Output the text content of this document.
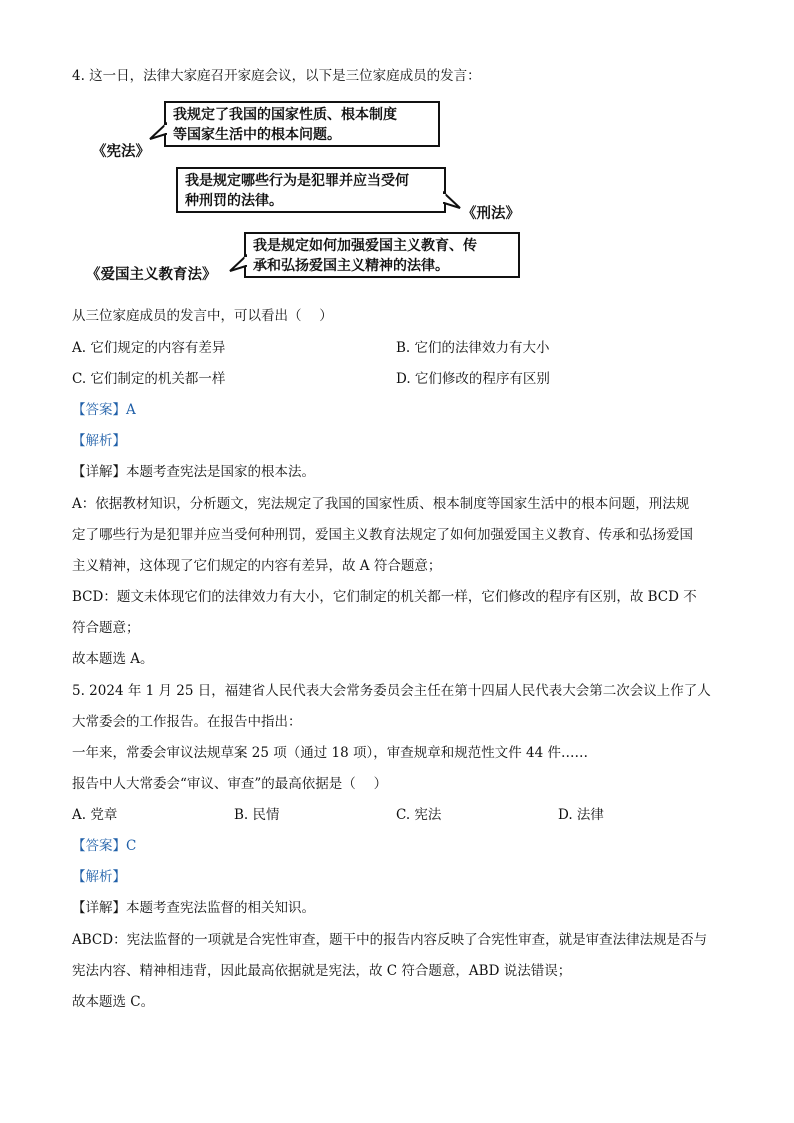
4. 这一日，法律大家庭召开家庭会议，以下是三位家庭成员的发言：
我规定了我国的国家性质、根本制度
等国家生活中的根本问题。
《宪法》
我是规定哪些行为是犯罪并应当受何
种刑罚的法律。
《刑法》
我是规定如何加强爱国主义教育、传
承和弘扬爱国主义精神的法律。
《爱国主义教育法》
从三位家庭成员的发言中，可以看出（　 ）
A. 它们规定的内容有差异	B. 它们的法律效力有大小
C. 它们制定的机关都一样	D. 它们修改的程序有区别
【答案】A
【解析】
【详解】本题考查宪法是国家的根本法。
A：依据教材知识，分析题文，宪法规定了我国的国家性质、根本制度等国家生活中的根本问题，刑法规
定了哪些行为是犯罪并应当受何种刑罚，爱国主义教育法规定了如何加强爱国主义教育、传承和弘扬爱国
主义精神，这体现了它们规定的内容有差异，故 A 符合题意；
BCD：题文未体现它们的法律效力有大小，它们制定的机关都一样，它们修改的程序有区别，故 BCD 不
符合题意；
故本题选 A。
5. 2024 年 1 月 25 日，福建省人民代表大会常务委员会主任在第十四届人民代表大会第二次会议上作了人
大常委会的工作报告。在报告中指出：
一年来，常委会审议法规草案 25 项（通过 18 项），审查规章和规范性文件 44 件……
报告中人大常委会“审议、审查”的最高依据是（　 ）
A. 党章	B. 民情	C. 宪法	D. 法律
【答案】C
【解析】
【详解】本题考查宪法监督的相关知识。
ABCD：宪法监督的一项就是合宪性审查，题干中的报告内容反映了合宪性审查，就是审查法律法规是否与
宪法内容、精神相违背，因此最高依据就是宪法，故 C 符合题意，ABD 说法错误；
故本题选 C。
